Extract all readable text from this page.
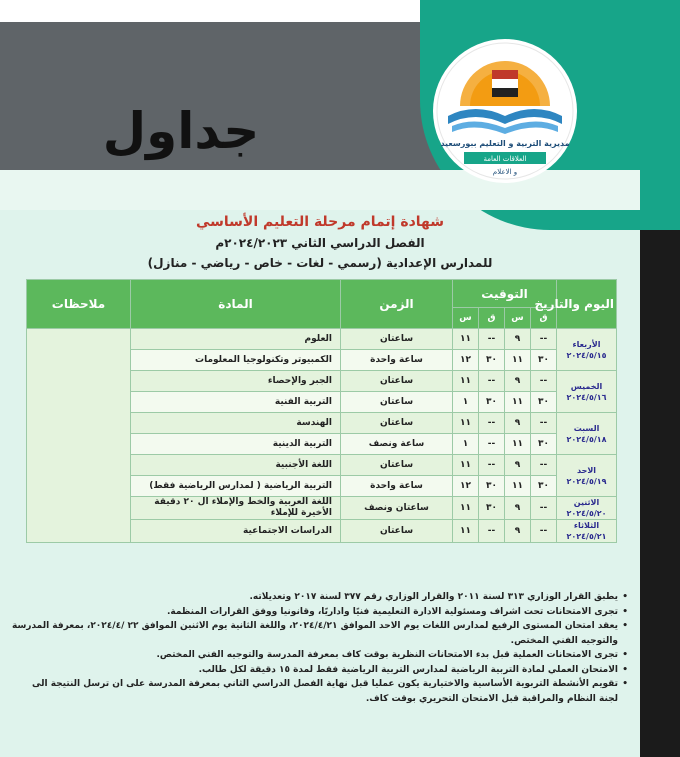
مديرية التربية و التعليم ببورسعيد
العلاقات العامة
و الاعلام
جداول
شهادة إتمام مرحلة التعليم الأساسي
الفصل الدراسي الثاني ٢٠٢٤/٢٠٢٣م
للمدارس الإعدادية (رسمي - لغات - خاص - رياضي - منازل)
اليوم والتاريخ	التوقيت				الزمن	المادة	ملاحظات
	ق	س	ق	س			
الأربعاء ٢٠٢٤/٥/١٥	--	٩	--	١١	ساعتان	العلوم	
	٣٠	١١	٣٠	١٢	ساعة واحدة	الكمبيوتر وتكنولوجيا المعلومات	
الخميس ٢٠٢٤/٥/١٦	--	٩	--	١١	ساعتان	الجبر والإحصاء	
	٣٠	١١	٣٠	١	ساعتان	التربية الفنية	
السبت ٢٠٢٤/٥/١٨	--	٩	--	١١	ساعتان	الهندسة	
	٣٠	١١	--	١	ساعة ونصف	التربية الدينية	
الاحد ٢٠٢٤/٥/١٩	--	٩	--	١١	ساعتان	اللغة الأجنبية	
	٣٠	١١	٣٠	١٢	ساعة واحدة	التربية الرياضية ( لمدارس الرياضية فقط)	
الاثنين ٢٠٢٤/٥/٢٠	--	٩	٣٠	١١	ساعتان ونصف	اللغة العربية والخط والإملاء ال ٢٠ دقيقة الأخيرة للإملاء	
الثلاثاء ٢٠٢٤/٥/٢١	--	٩	--	١١	ساعتان	الدراسات الاجتماعية	
• يطبق القرار الوزاري ٣١٣ لسنة ٢٠١١ والقرار الوزاري رقم ٣٧٧ لسنة ٢٠١٧ وتعديلاته.
• تجرى الامتحانات تحت اشراف ومسئولية الادارة التعليمية فنيًا واداريًا، وقانونيا ووفق القرارات المنظمة.
• يعقد امتحان المستوى الرفيع لمدارس اللغات يوم الاحد الموافق ٢٠٢٤/٤/٢١، واللغة الثانية يوم الاثنين الموافق ٢٢ /٢٠٢٤/٤، بمعرفة المدرسة والتوجيه الفني المختص.
• تجرى الامتحانات العملية قبل بدء الامتحانات النظرية بوقت كاف بمعرفة المدرسة والتوجيه الفني المختص.
• الامتحان العملي لمادة التربية الرياضية لمدارس التربية الرياضية فقط لمدة ١٥ دقيقة لكل طالب.
• تقويم الأنشطة التربوية الأساسية والاختيارية يكون عمليا قبل نهاية الفصل الدراسي الثاني بمعرفة المدرسة على ان ترسل النتيجة الى لجنة النظام والمراقبة قبل الامتحان التحريري بوقت كاف.
